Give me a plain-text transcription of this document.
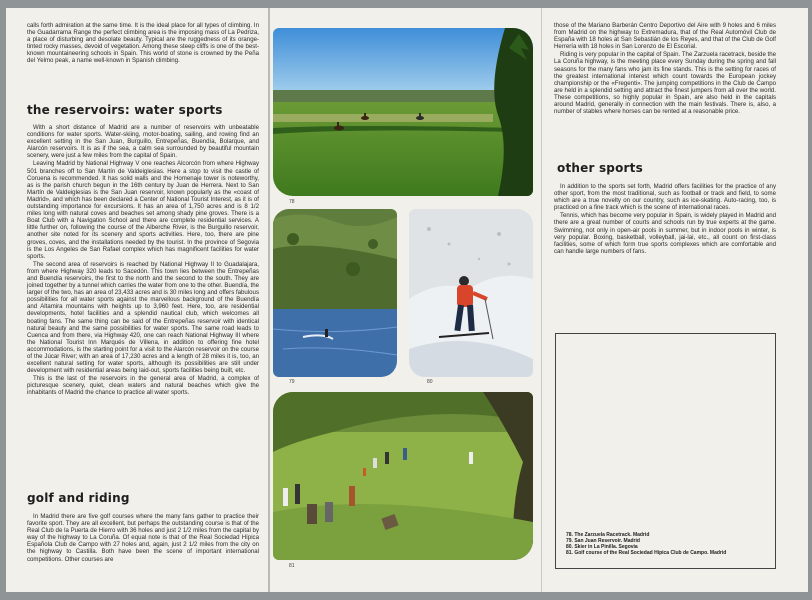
calls forth admiration at the same time. It is the ideal place for all types of climbing. In the Guadarrama Range the perfect climbing area is the imposing mass of La Pedriza, a place of disturbing and desolate beauty. Typical are the ruggedness of its orange-tinted rocky masses, devoid of vegetation. Among these steep cliffs is one of the best-known mountaineering schools in Spain. This world of stone is crowned by the Peña del Yelmo peak, a name well-known in Spanish climbing.

the reservoirs: water sports

With a short distance of Madrid are a number of reservoirs with unbeatable conditions for water sports. Water-skiing, motor-boating, sailing, and rowing find an excellent setting in the San Juan, Burguillo, Entrepeñas, Buendía, Bolarque, and Alarcón reservoirs. It is as if the sea, a calm sea surrounded by beautiful mountain scenery, were just a few miles from the capital of Spain.

Leaving Madrid by National Highway V one reaches Alcorcón from where Highway 501 branches off to San Martín de Valdeiglesias. Here a stop to visit the castle of Coruena is recommended. It has solid walls and the Homenaje tower is noteworthy, as is the parish church begun in the 16th century by Juan de Herrera. Next to San Martín de Valdeiglesias is the San Juan reservoir, known popularly as the «coast of Madrid», and which has been declared a Center of National Tourist Interest, as it is of outstanding importance for excursions. It has an area of 1,750 acres and is 8 1/2 miles long with natural coves and beaches set among shady pine groves. There is a Boat Club with a Navigation School and there are complete residential services. A little further on, following the course of the Alberche River, is the Burguillo reservoir, another site noted for its scenery and sports activities. Here, too, there are pine groves, coves, and the installations needed by the tourist. In the province of Segovia is the Los Angeles de San Rafael complex which has magnificent facilities for water sports.

The second area of reservoirs is reached by National Highway II to Guadalajara, from where Highway 320 leads to Sacedón. This town lies between the Entrepeñas and Buendía reservoirs, the first to the north and the second to the south. They are joined together by a tunnel which carries the water from one to the other. Buendía, the larger of the two, has an area of 23,433 acres and is 30 miles long and offers fabulous possibilities for all water sports against the marvellous background of the Buendía and Altamira mountains with heights up to 3,960 feet. Here, too, are residential developments, hotel facilities and a splendid nautical club, which welcomes all boating fans. The same thing can be said of the Entrepeñas reservoir with identical natural beauty and the same possibilities for water sports. The same road leads to Cuenca and from there, via Highway 420, one can reach National Highway III where the National Tourist Inn Marqués de Villena, in addition to offering fine hotel accommodations, is the starting point for a visit to the Alarcón reservoir on the course of the Júcar River; with an area of 17,230 acres and a length of 28 miles it is, too, an excellent natural setting for water sports, although its possibilities are still under development with residential areas being laid-out, sports facilities being built, etc.

This is the last of the reservoirs in the general area of Madrid, a complex of picturesque scenery, quiet, clean waters and natural beaches which give the inhabitants of Madrid the chance to practice all water sports.

golf and riding

In Madrid there are five golf courses where the many fans gather to practice their favorite sport. They are all excellent, but perhaps the outstanding course is that of the Real Club de la Puerta de Hierro with 36 holes and just 2 1/2 miles from the capital by way of the highway to La Coruña. Of equal note is that of the Real Sociedad Hípica Española Club de Campo with 27 holes and, again, just 2 1/2 miles from the city on the highway to Castilla. Both have been the scene of important international competitions. Other courses are

78
79	80
81

those of the Mariano Barberán Centro Deportivo del Aire with 9 holes and 6 miles from Madrid on the highway to Extremadura, that of the Real Automóvil Club de España with 18 holes at San Sebastián de los Reyes, and that of the Club de Golf Herrería with 18 holes in San Lorenzo de El Escorial.

Riding is very popular in the capital of Spain. The Zarzuela racetrack, beside the La Coruña highway, is the meeting place every Sunday during the spring and fall seasons for the many fans who jam its fine stands. This is the setting for races of the greatest international interest which count towards the European jockey championship or the «Fregenti». The jumping competitions in the Club de Campo are held in a splendid setting and attract the finest jumpers from all over the world. These competitions, so highly popular in Spain, are also held in the capitals around Madrid, generally in connection with the main festivals. There is, also, a number of stables where horses can be rented at a reasonable price.

other sports

In addition to the sports set forth, Madrid offers facilities for the practice of any other sport, from the most traditional, such as football or track and field, to some which are a true novelty on our country, such as ice-skating. Auto-racing, too, is practiced on a fine track which is the scene of international races.

Tennis, which has become very popular in Spain, is widely played in Madrid and there are a great number of courts and schools run by true experts at the game. Swimming, not only in open-air pools in summer, but in indoor pools in winter, is very popular. Boxing, basketball, volleyball, jai-lai, etc., all count on first-class facilities, some of which form true sports complexes which are comfortable and can handle large numbers of fans.

78. The Zarzuela Racetrack. Madrid
79. San Juan Reservoir. Madrid
80. Skier in La Pinilla. Segovia
81. Golf course of the Real Sociedad Hípica Club de Campo. Madrid
